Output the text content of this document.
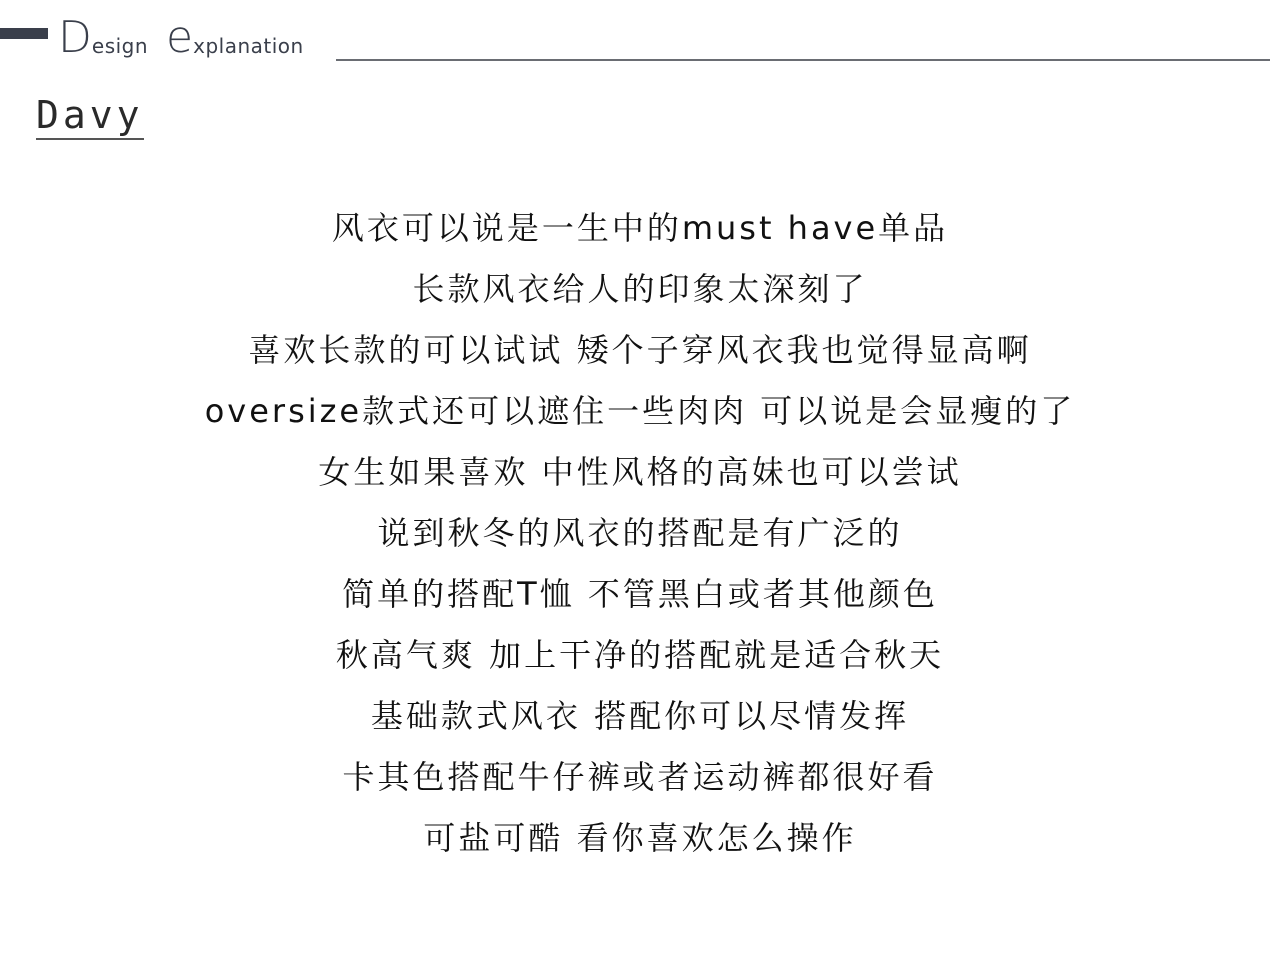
D esign e xplanation
Davy
风衣可以说是一生中的must have单品
长款风衣给人的印象太深刻了
喜欢长款的可以试试 矮个子穿风衣我也觉得显高啊
oversize款式还可以遮住一些肉肉 可以说是会显瘦的了
女生如果喜欢 中性风格的高妹也可以尝试
说到秋冬的风衣的搭配是有广泛的
简单的搭配T恤 不管黑白或者其他颜色
秋高气爽 加上干净的搭配就是适合秋天
基础款式风衣 搭配你可以尽情发挥
卡其色搭配牛仔裤或者运动裤都很好看
可盐可酷 看你喜欢怎么操作
